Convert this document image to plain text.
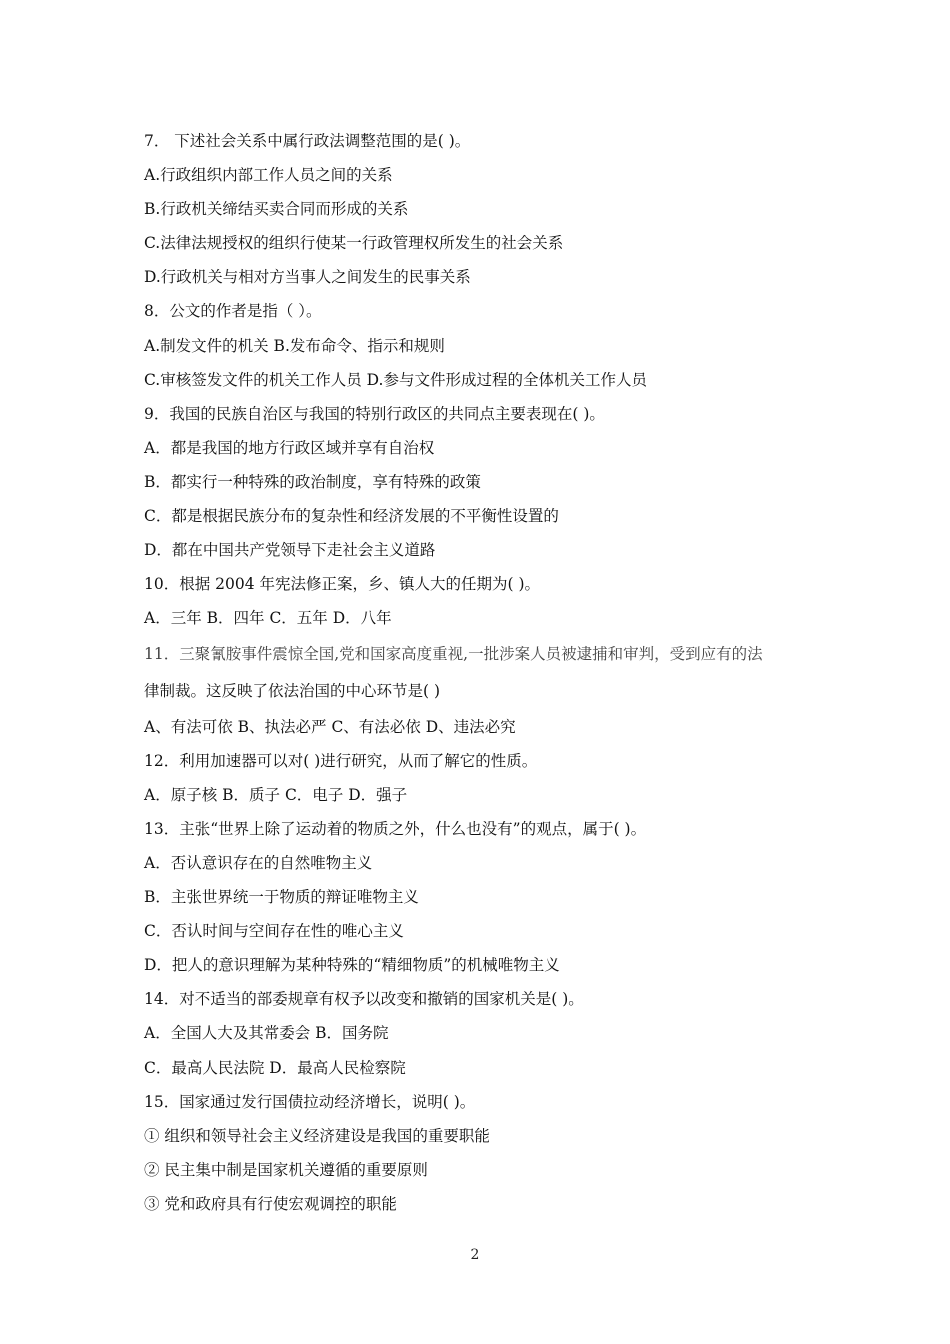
7． 下述社会关系中属行政法调整范围的是( )。
A.行政组织内部工作人员之间的关系
B.行政机关缔结买卖合同而形成的关系
C.法律法规授权的组织行使某一行政管理权所发生的社会关系
D.行政机关与相对方当事人之间发生的民事关系
8．公文的作者是指（ ）。
A.制发文件的机关 B.发布命令、指示和规则
C.审核签发文件的机关工作人员 D.参与文件形成过程的全体机关工作人员
9．我国的民族自治区与我国的特别行政区的共同点主要表现在( )。
A．都是我国的地方行政区域并享有自治权
B．都实行一种特殊的政治制度，享有特殊的政策
C．都是根据民族分布的复杂性和经济发展的不平衡性设置的
D．都在中国共产党领导下走社会主义道路
10．根据 2004 年宪法修正案，乡、镇人大的任期为( )。
A．三年 B．四年 C．五年 D．八年
11．三聚氰胺事件震惊全国,党和国家高度重视,一批涉案人员被逮捕和审判，受到应有的法
律制裁。这反映了依法治国的中心环节是( )
A、有法可依 B、执法必严 C、有法必依 D、违法必究
12．利用加速器可以对( )进行研究，从而了解它的性质。
A．原子核 B．质子 C．电子 D．强子
13．主张“世界上除了运动着的物质之外，什么也没有”的观点，属于( )。
A．否认意识存在的自然唯物主义
B．主张世界统一于物质的辩证唯物主义
C．否认时间与空间存在性的唯心主义
D．把人的意识理解为某种特殊的“精细物质”的机械唯物主义
14．对不适当的部委规章有权予以改变和撤销的国家机关是( )。
A．全国人大及其常委会 B．国务院
C．最高人民法院 D．最高人民检察院
15．国家通过发行国债拉动经济增长，说明( )。
① 组织和领导社会主义经济建设是我国的重要职能
② 民主集中制是国家机关遵循的重要原则
③ 党和政府具有行使宏观调控的职能
2
